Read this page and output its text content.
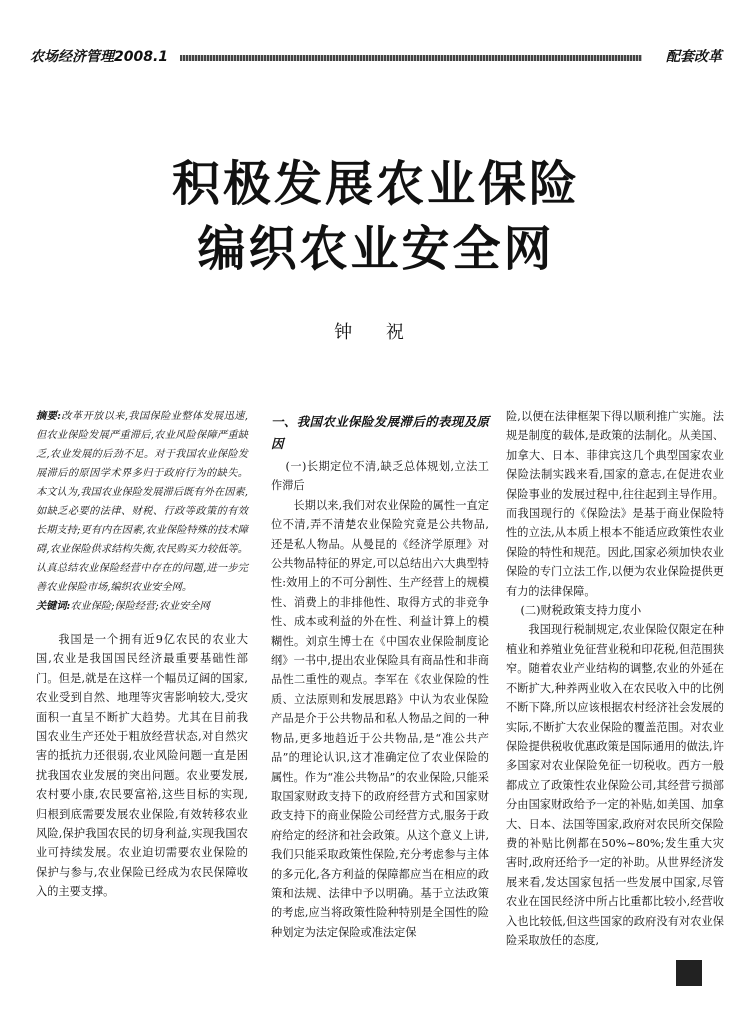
农场经济管理2008.1	配套改革
积极发展农业保险
编织农业安全网
钟 祝
摘要:改革开放以来,我国保险业整体发展迅速,但农业保险发展严重滞后,农业风险保障严重缺乏,农业发展的后劲不足。对于我国农业保险发展滞后的原因学术界多归于政府行为的缺失。本文认为,我国农业保险发展滞后既有外在因素,如缺乏必要的法律、财税、行政等政策的有效长期支持;更有内在因素,农业保险特殊的技术障碍,农业保险供求结构失衡,农民购买力较低等。认真总结农业保险经营中存在的问题,进一步完善农业保险市场,编织农业安全网。
关键词:农业保险;保险经营;农业安全网

我国是一个拥有近9亿农民的农业大国,农业是我国国民经济最重要基础性部门。但是,就是在这样一个幅员辽阔的国家,农业受到自然、地理等灾害影响较大,受灾面积一直呈不断扩大趋势。尤其在目前我国农业生产还处于粗放经营状态,对自然灾害的抵抗力还很弱,农业风险问题一直是困扰我国农业发展的突出问题。农业要发展,农村要小康,农民要富裕,这些目标的实现,归根到底需要发展农业保险,有效转移农业风险,保护我国农民的切身利益,实现我国农业可持续发展。农业迫切需要农业保险的保护与参与,农业保险已经成为农民保障收入的主要支撑。

一、我国农业保险发展滞后的表现及原因

(一)长期定位不清,缺乏总体规划,立法工作滞后

长期以来,我们对农业保险的属性一直定位不清,弄不清楚农业保险究竟是公共物品,还是私人物品。从曼昆的《经济学原理》对公共物品特征的界定,可以总结出六大典型特性:效用上的不可分割性、生产经营上的规模性、消费上的非排他性、取得方式的非竞争性、成本或利益的外在性、利益计算上的模糊性。刘京生博士在《中国农业保险制度论纲》一书中,提出农业保险具有商品性和非商品性二重性的观点。李军在《农业保险的性质、立法原则和发展思路》中认为农业保险产品是介于公共物品和私人物品之间的一种物品,更多地趋近于公共物品,是“准公共产品”的理论认识,这才准确定位了农业保险的属性。作为“准公共物品”的农业保险,只能采取国家财政支持下的政府经营方式和国家财政支持下的商业保险公司经营方式,服务于政府给定的经济和社会政策。从这个意义上讲,我们只能采取政策性保险,充分考虑参与主体的多元化,各方利益的保障都应当在相应的政策和法规、法律中予以明确。基于立法政策的考虑,应当将政策性险种特别是全国性的险种划定为法定保险或准法定保

险,以便在法律框架下得以顺利推广实施。法规是制度的载体,是政策的法制化。从美国、加拿大、日本、菲律宾这几个典型国家农业保险法制实践来看,国家的意志,在促进农业保险事业的发展过程中,往往起到主导作用。而我国现行的《保险法》是基于商业保险特性的立法,从本质上根本不能适应政策性农业保险的特性和规范。因此,国家必须加快农业保险的专门立法工作,以便为农业保险提供更有力的法律保障。

(二)财税政策支持力度小

我国现行税制规定,农业保险仅限定在种植业和养殖业免征营业税和印花税,但范围狭窄。随着农业产业结构的调整,农业的外延在不断扩大,种养两业收入在农民收入中的比例不断下降,所以应该根据农村经济社会发展的实际,不断扩大农业保险的覆盖范围。对农业保险提供税收优惠政策是国际通用的做法,许多国家对农业保险免征一切税收。西方一般都成立了政策性农业保险公司,其经营亏损部分由国家财政给予一定的补贴,如美国、加拿大、日本、法国等国家,政府对农民所交保险费的补贴比例都在50%~80%;发生重大灾害时,政府还给予一定的补助。从世界经济发展来看,发达国家包括一些发展中国家,尽管农业在国民经济中所占比重都比较小,经营收入也比较低,但这些国家的政府没有对农业保险采取放任的态度,
